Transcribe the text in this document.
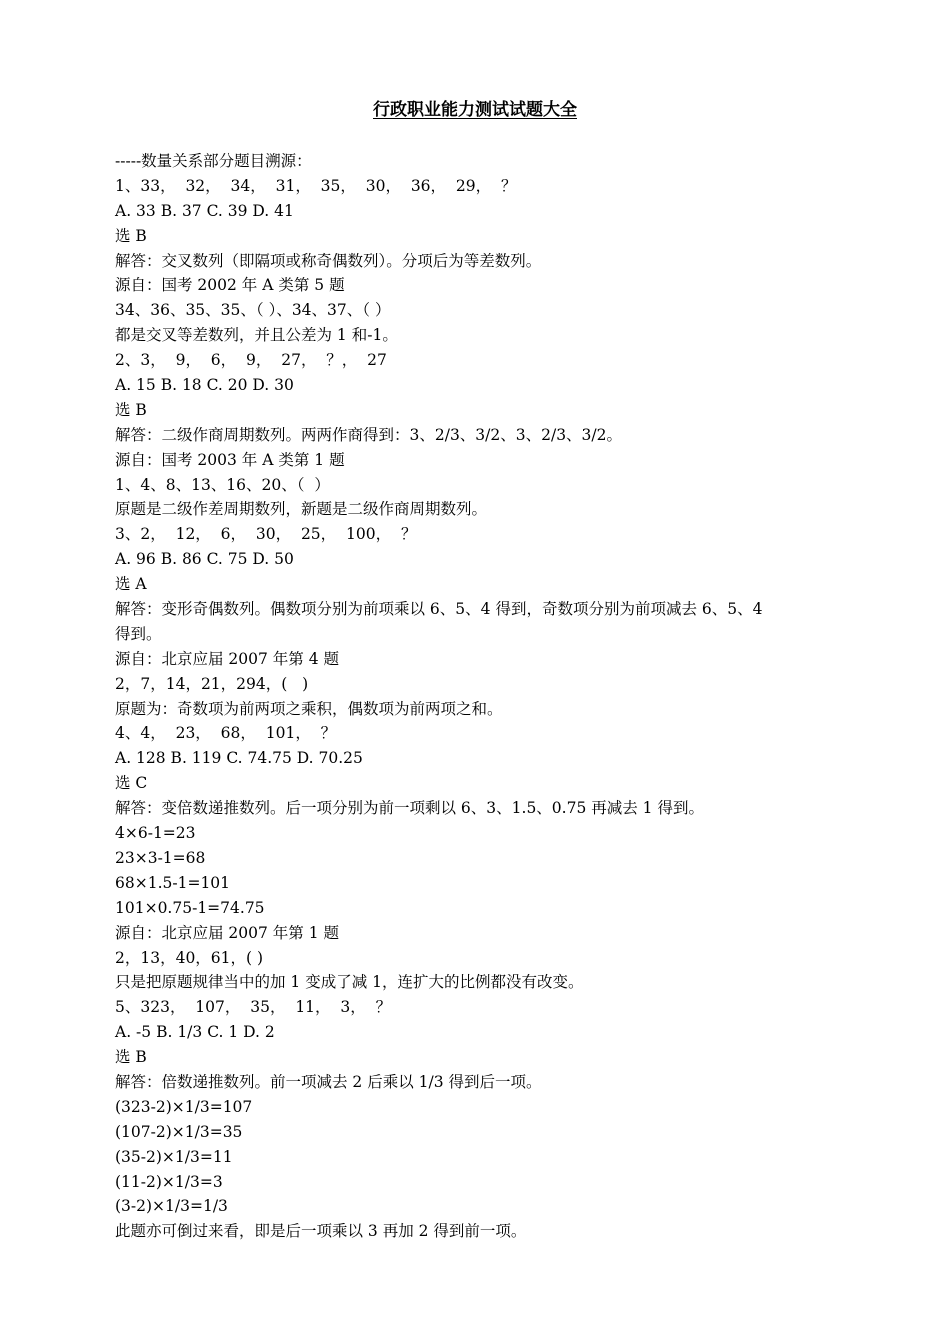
行政职业能力测试试题大全
-----数量关系部分题目溯源：
1、33，  32，  34，  31，  35，  30，  36，  29，  ？
A. 33 B. 37 C. 39 D. 41
选 B
解答：交叉数列（即隔项或称奇偶数列）。分项后为等差数列。
源自：国考 2002 年 A 类第 5 题
34、36、35、35、（ ）、34、37、（ ）
都是交叉等差数列，并且公差为 1 和-1。
2、3，  9，  6，  9，  27，  ？，  27
A. 15 B. 18 C. 20 D. 30
选 B
解答：二级作商周期数列。两两作商得到：3、2/3、3/2、3、2/3、3/2。
源自：国考 2003 年 A 类第 1 题
1、4、8、13、16、20、（  ）
原题是二级作差周期数列，新题是二级作商周期数列。
3、2，  12，  6，  30，  25，  100，  ？
A. 96 B. 86 C. 75 D. 50
选 A
解答：变形奇偶数列。偶数项分别为前项乘以 6、5、4 得到，奇数项分别为前项减去 6、5、4
得到。
源自：北京应届 2007 年第 4 题
2，7，14，21，294，(   )
原题为：奇数项为前两项之乘积，偶数项为前两项之和。
4、4，  23，  68，  101，  ？
A. 128 B. 119 C. 74.75 D. 70.25
选 C
解答：变倍数递推数列。后一项分别为前一项剩以 6、3、1.5、0.75 再减去 1 得到。
4×6-1=23
23×3-1=68
68×1.5-1=101
101×0.75-1=74.75
源自：北京应届 2007 年第 1 题
2，13，40，61，( )
只是把原题规律当中的加 1 变成了减 1，连扩大的比例都没有改变。
5、323，  107，  35，  11，  3，  ？
A. -5 B. 1/3 C. 1 D. 2
选 B
解答：倍数递推数列。前一项减去 2 后乘以 1/3 得到后一项。
(323-2)×1/3=107
(107-2)×1/3=35
(35-2)×1/3=11
(11-2)×1/3=3
(3-2)×1/3=1/3
此题亦可倒过来看，即是后一项乘以 3 再加 2 得到前一项。
